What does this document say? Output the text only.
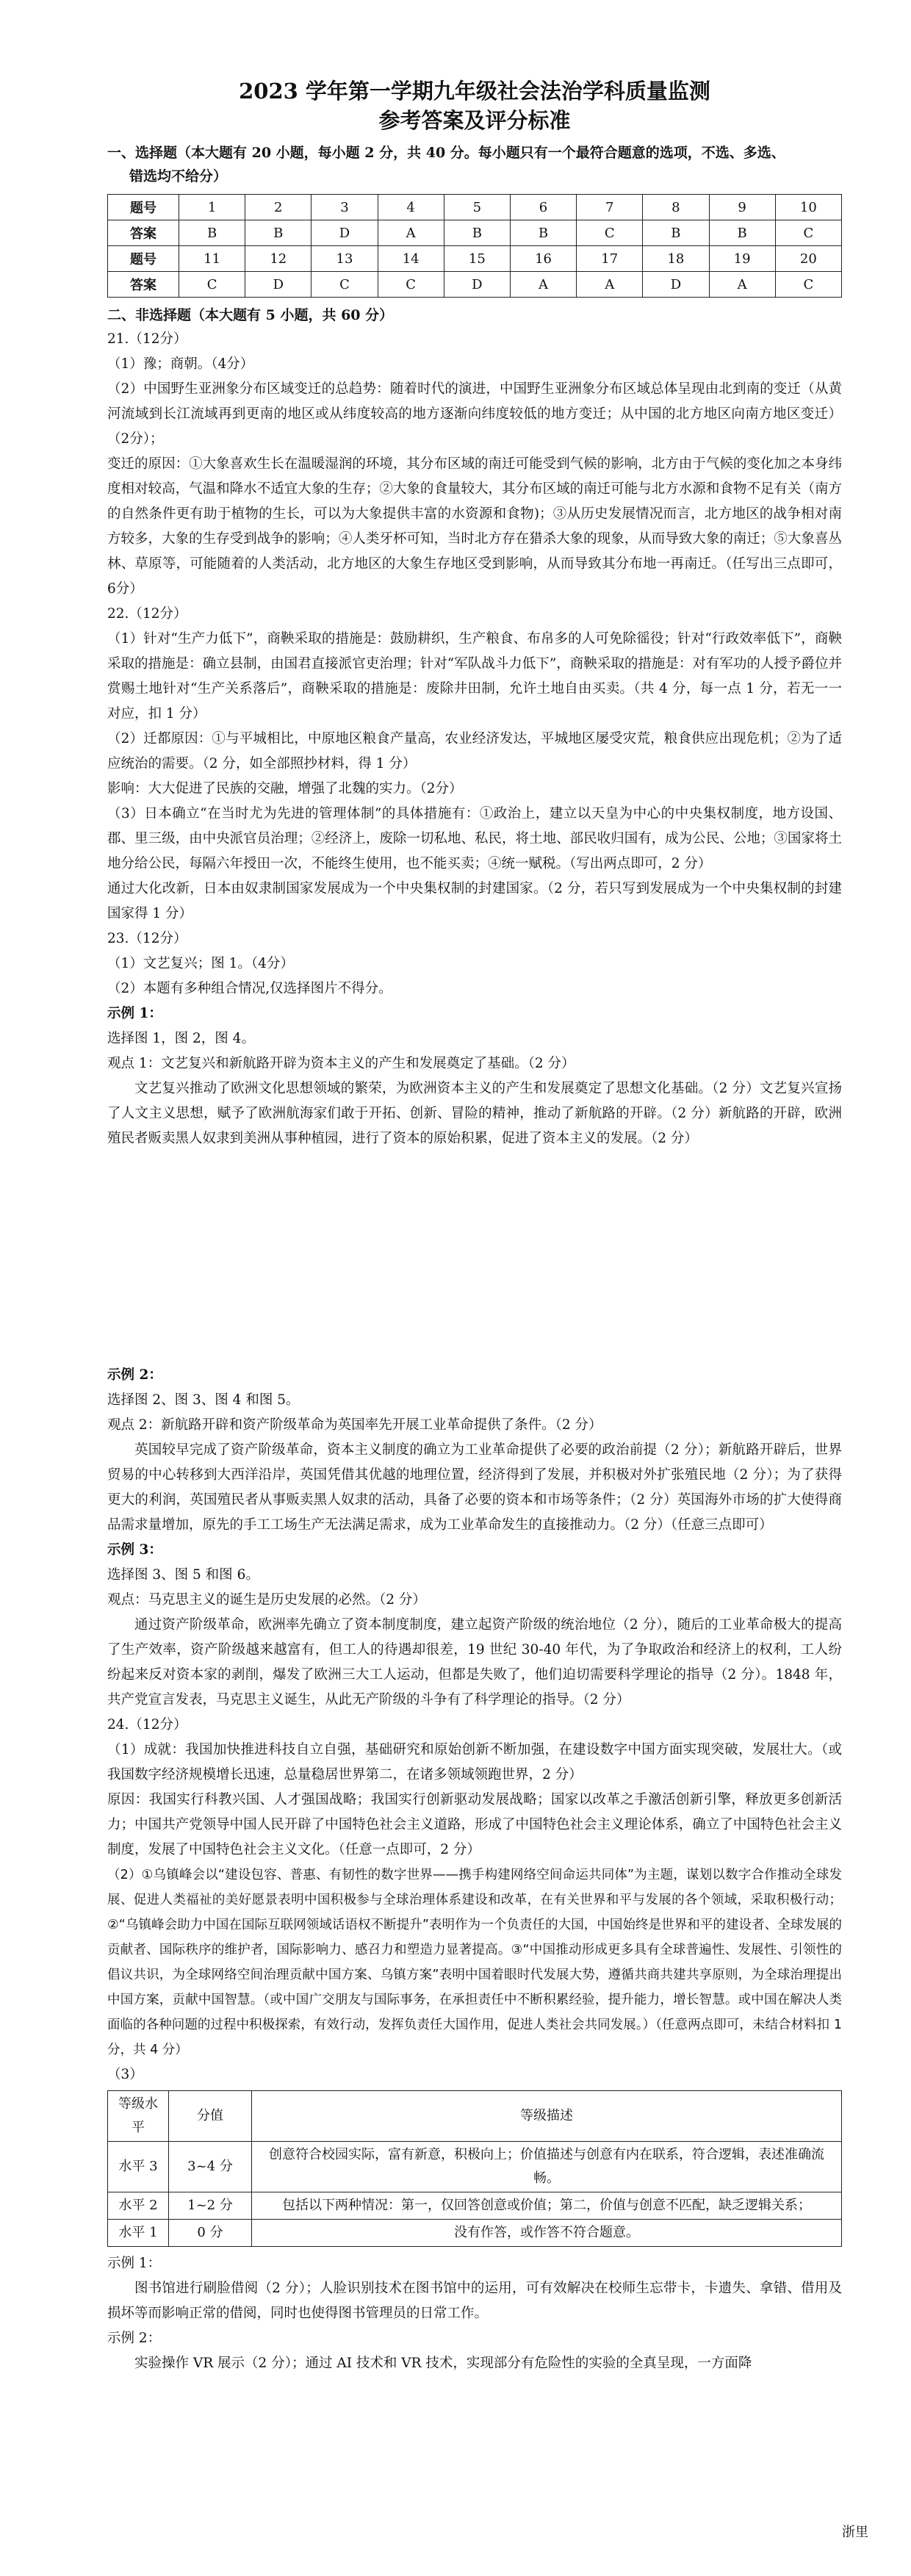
2023 学年第一学期九年级社会法治学科质量监测
参考答案及评分标准
一、选择题（本大题有 20 小题，每小题 2 分，共 40 分。每小题只有一个最符合题意的选项，不选、多选、
错选均不给分）
题号	1	2	3	4	5	6	7	8	9	10
答案	B	B	D	A	B	B	C	B	B	C
题号	11	12	13	14	15	16	17	18	19	20
答案	C	D	C	C	D	A	A	D	A	C
二、非选择题（本大题有 5 小题，共 60 分）

21.（12分）

（1）豫；商朝。（4分）

（2）中国野生亚洲象分布区域变迁的总趋势：随着时代的演进，中国野生亚洲象分布区域总体呈现由北到南的变迁（从黄河流域到长江流域再到更南的地区或从纬度较高的地方逐渐向纬度较低的地方变迁；从中国的北方地区向南方地区变迁）（2分）；

变迁的原因：①大象喜欢生长在温暖湿润的环境，其分布区域的南迁可能受到气候的影响，北方由于气候的变化加之本身纬度相对较高，气温和降水不适宜大象的生存；②大象的食量较大，其分布区域的南迁可能与北方水源和食物不足有关（南方的自然条件更有助于植物的生长，可以为大象提供丰富的水资源和食物)；③从历史发展情况而言，北方地区的战争相对南方较多，大象的生存受到战争的影响；④人类牙杯可知，当时北方存在猎杀大象的现象，从而导致大象的南迁；⑤大象喜丛林、草原等，可能随着的人类活动，北方地区的大象生存地区受到影响，从而导致其分布地一再南迁。（任写出三点即可，6分）

22.（12分）

（1）针对“生产力低下”，商鞅采取的措施是：鼓励耕织，生产粮食、布帛多的人可免除徭役；针对“行政效率低下”，商鞅采取的措施是：确立县制，由国君直接派官吏治理；针对“军队战斗力低下”，商鞅采取的措施是：对有军功的人授予爵位并赏赐土地针对“生产关系落后”，商鞅采取的措施是：废除井田制，允许土地自由买卖。（共 4 分，每一点 1 分，若无一一对应，扣 1 分）

（2）迁都原因：①与平城相比，中原地区粮食产量高，农业经济发达，平城地区屡受灾荒，粮食供应出现危机；②为了适应统治的需要。（2 分，如全部照抄材料，得 1 分）

影响：大大促进了民族的交融，增强了北魏的实力。（2分）

（3）日本确立“在当时尤为先进的管理体制”的具体措施有：①政治上，建立以天皇为中心的中央集权制度，地方设国、郡、里三级，由中央派官员治理；②经济上，废除一切私地、私民，将土地、部民收归国有，成为公民、公地；③国家将土地分给公民，每隔六年授田一次，不能终生使用，也不能买卖；④统一赋税。（写出两点即可，2 分）

通过大化改新，日本由奴隶制国家发展成为一个中央集权制的封建国家。（2 分，若只写到发展成为一个中央集权制的封建国家得 1 分）

23.（12分）

（1）文艺复兴；图 1。（4分）

（2）本题有多种组合情况,仅选择图片不得分。

示例 1：

选择图 1，图 2，图 4。

观点 1：文艺复兴和新航路开辟为资本主义的产生和发展奠定了基础。（2 分）

文艺复兴推动了欧洲文化思想领域的繁荣，为欧洲资本主义的产生和发展奠定了思想文化基础。（2 分）文艺复兴宣扬了人文主义思想，赋予了欧洲航海家们敢于开拓、创新、冒险的精神，推动了新航路的开辟。（2 分）新航路的开辟，欧洲殖民者贩卖黑人奴隶到美洲从事种植园，进行了资本的原始积累，促进了资本主义的发展。（2 分）

示例 2：

选择图 2、图 3、图 4 和图 5。

观点 2：新航路开辟和资产阶级革命为英国率先开展工业革命提供了条件。（2 分）

英国较早完成了资产阶级革命，资本主义制度的确立为工业革命提供了必要的政治前提（2 分）；新航路开辟后，世界贸易的中心转移到大西洋沿岸，英国凭借其优越的地理位置，经济得到了发展，并积极对外扩张殖民地（2 分）；为了获得更大的利润，英国殖民者从事贩卖黑人奴隶的活动，具备了必要的资本和市场等条件；（2 分）英国海外市场的扩大使得商品需求量增加，原先的手工工场生产无法满足需求，成为工业革命发生的直接推动力。（2 分）（任意三点即可）

示例 3：

选择图 3、图 5 和图 6。

观点：马克思主义的诞生是历史发展的必然。（2 分）

通过资产阶级革命，欧洲率先确立了资本制度制度，建立起资产阶级的统治地位（2 分），随后的工业革命极大的提高了生产效率，资产阶级越来越富有，但工人的待遇却很差，19 世纪 30-40 年代，为了争取政治和经济上的权利，工人纷纷起来反对资本家的剥削，爆发了欧洲三大工人运动，但都是失败了，他们迫切需要科学理论的指导（2 分）。1848 年，共产党宣言发表，马克思主义诞生，从此无产阶级的斗争有了科学理论的指导。（2 分）

24.（12分）

（1）成就：我国加快推进科技自立自强，基础研究和原始创新不断加强，在建设数字中国方面实现突破，发展壮大。（或我国数字经济规模增长迅速，总量稳居世界第二，在诸多领域领跑世界，2 分）

原因：我国实行科教兴国、人才强国战略；我国实行创新驱动发展战略；国家以改革之手激活创新引擎，释放更多创新活力；中国共产党领导中国人民开辟了中国特色社会主义道路，形成了中国特色社会主义理论体系，确立了中国特色社会主义制度，发展了中国特色社会主义文化。（任意一点即可，2 分）

（2）①乌镇峰会以“建设包容、普惠、有韧性的数字世界——携手构建网络空间命运共同体”为主题，谋划以数字合作推动全球发展、促进人类福祉的美好愿景表明中国积极参与全球治理体系建设和改革，在有关世界和平与发展的各个领域，采取积极行动；②“乌镇峰会助力中国在国际互联网领域话语权不断提升”表明作为一个负责任的大国，中国始终是世界和平的建设者、全球发展的贡献者、国际秩序的维护者，国际影响力、感召力和塑造力显著提高。③“中国推动形成更多具有全球普遍性、发展性、引领性的倡议共识，为全球网络空间治理贡献中国方案、乌镇方案”表明中国着眼时代发展大势，遵循共商共建共享原则，为全球治理提出中国方案，贡献中国智慧。（或中国广交朋友与国际事务，在承担责任中不断积累经验，提升能力，增长智慧。或中国在解决人类面临的各种问题的过程中积极探索，有效行动，发挥负责任大国作用，促进人类社会共同发展。）（任意两点即可，未结合材料扣 1 分，共 4 分）

（3）

等级水平	分值	等级描述
水平 3	3~4 分	创意符合校园实际，富有新意，积极向上；价值描述与创意有内在联系，符合逻辑，表述准确流畅。
水平 2	1~2 分	包括以下两种情况：第一，仅回答创意或价值；第二，价值与创意不匹配，缺乏逻辑关系；
水平 1	0 分	没有作答，或作答不符合题意。

示例 1：

图书馆进行刷脸借阅（2 分）；人脸识别技术在图书馆中的运用，可有效解决在校师生忘带卡，卡遗失、拿错、借用及损坏等而影响正常的借阅，同时也使得图书管理员的日常工作。

示例 2：

实验操作 VR 展示（2 分）；通过 AI 技术和 VR 技术，实现部分有危险性的实验的全真呈现，一方面降

浙里
